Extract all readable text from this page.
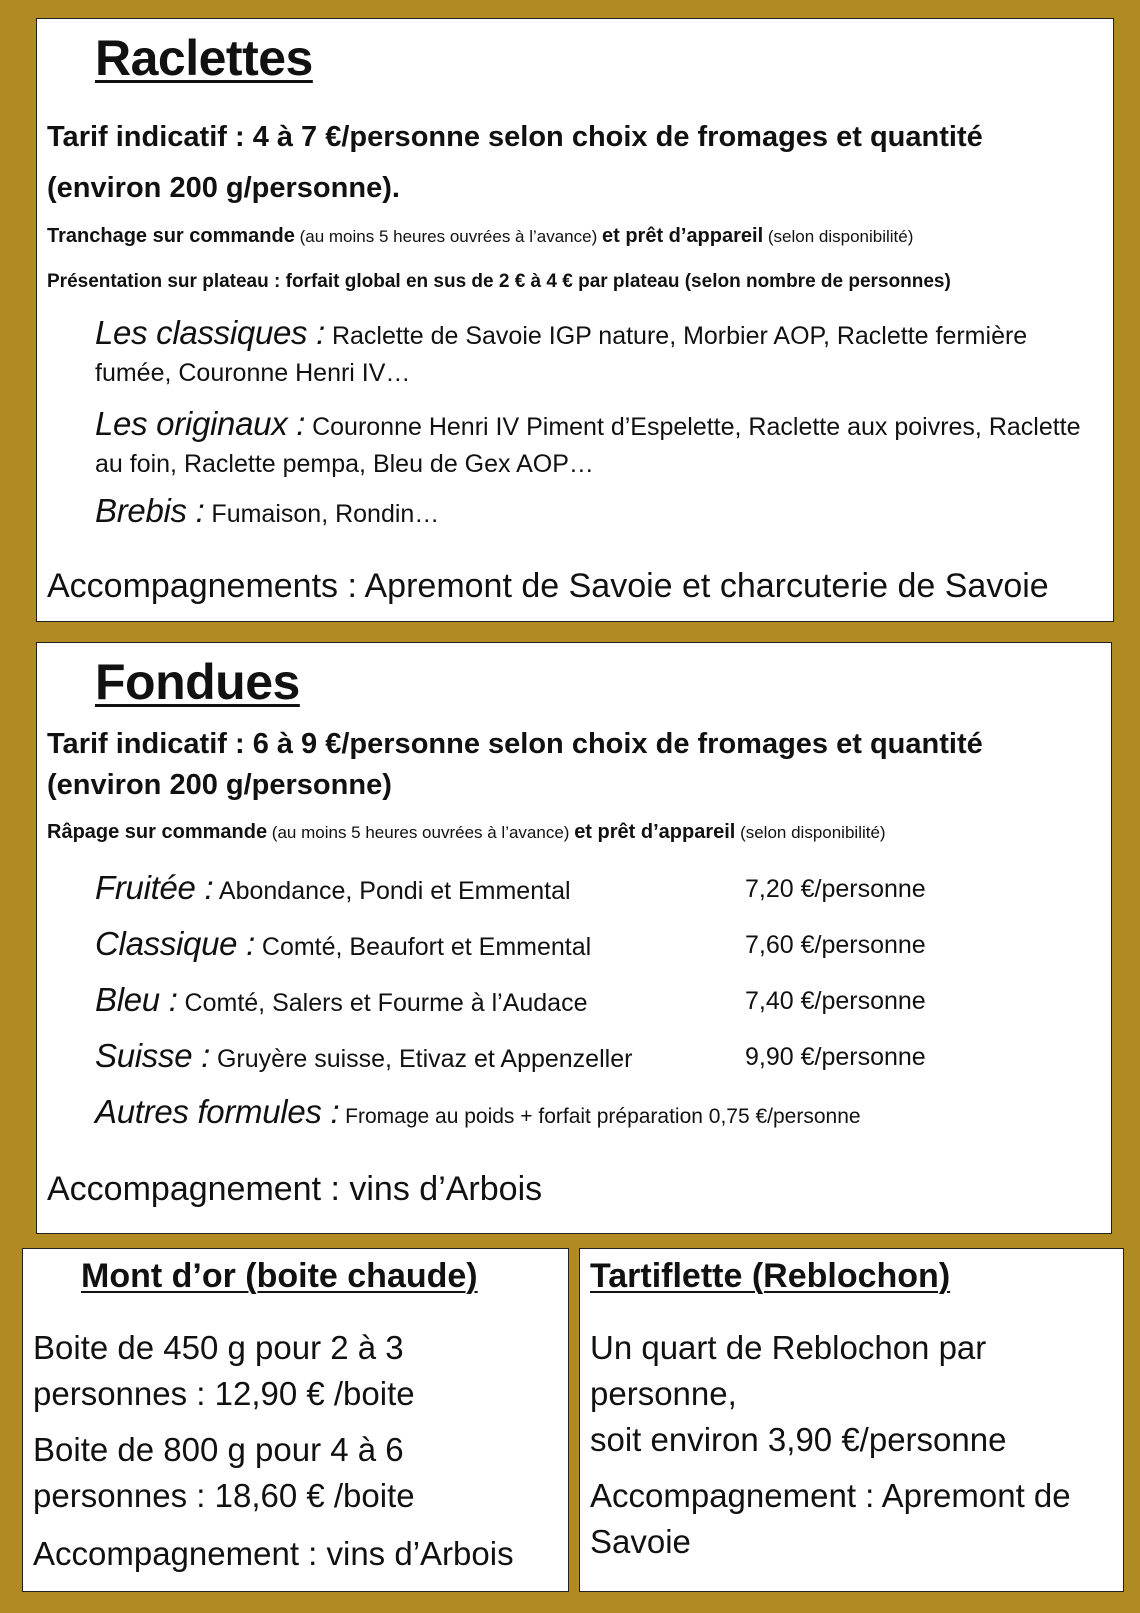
Raclettes
Tarif indicatif : 4 à 7 €/personne selon choix de fromages et quantité
(environ 200 g/personne).
Tranchage sur commande (au moins 5 heures ouvrées à l’avance) et prêt d’appareil (selon disponibilité)
Présentation sur plateau : forfait global en sus de 2 € à 4 € par plateau (selon nombre de personnes)
Les classiques : Raclette de Savoie IGP nature, Morbier AOP, Raclette fermière fumée, Couronne Henri IV…
Les originaux : Couronne Henri IV Piment d’Espelette, Raclette aux poivres, Raclette au foin, Raclette pempa, Bleu de Gex AOP…
Brebis : Fumaison, Rondin…
Accompagnements : Apremont de Savoie et charcuterie de Savoie
Fondues
Tarif indicatif : 6 à 9 €/personne selon choix de fromages et quantité
(environ 200 g/personne)
Râpage sur commande (au moins 5 heures ouvrées à l’avance) et prêt d’appareil (selon disponibilité)
Fruitée : Abondance, Pondi et Emmental	7,20 €/personne
Classique : Comté, Beaufort et Emmental	7,60 €/personne
Bleu : Comté, Salers et Fourme à l’Audace	7,40 €/personne
Suisse : Gruyère suisse, Etivaz et Appenzeller	9,90 €/personne
Autres formules : Fromage au poids + forfait préparation 0,75 €/personne
Accompagnement : vins d’Arbois
Mont d’or (boite chaude)
Boite de 450 g pour 2 à 3 personnes : 12,90 € /boite
Boite de 800 g pour 4 à 6 personnes : 18,60 € /boite
Accompagnement : vins d’Arbois
Tartiflette (Reblochon)
Un quart de Reblochon par personne,
soit environ 3,90 €/personne
Accompagnement : Apremont de Savoie
